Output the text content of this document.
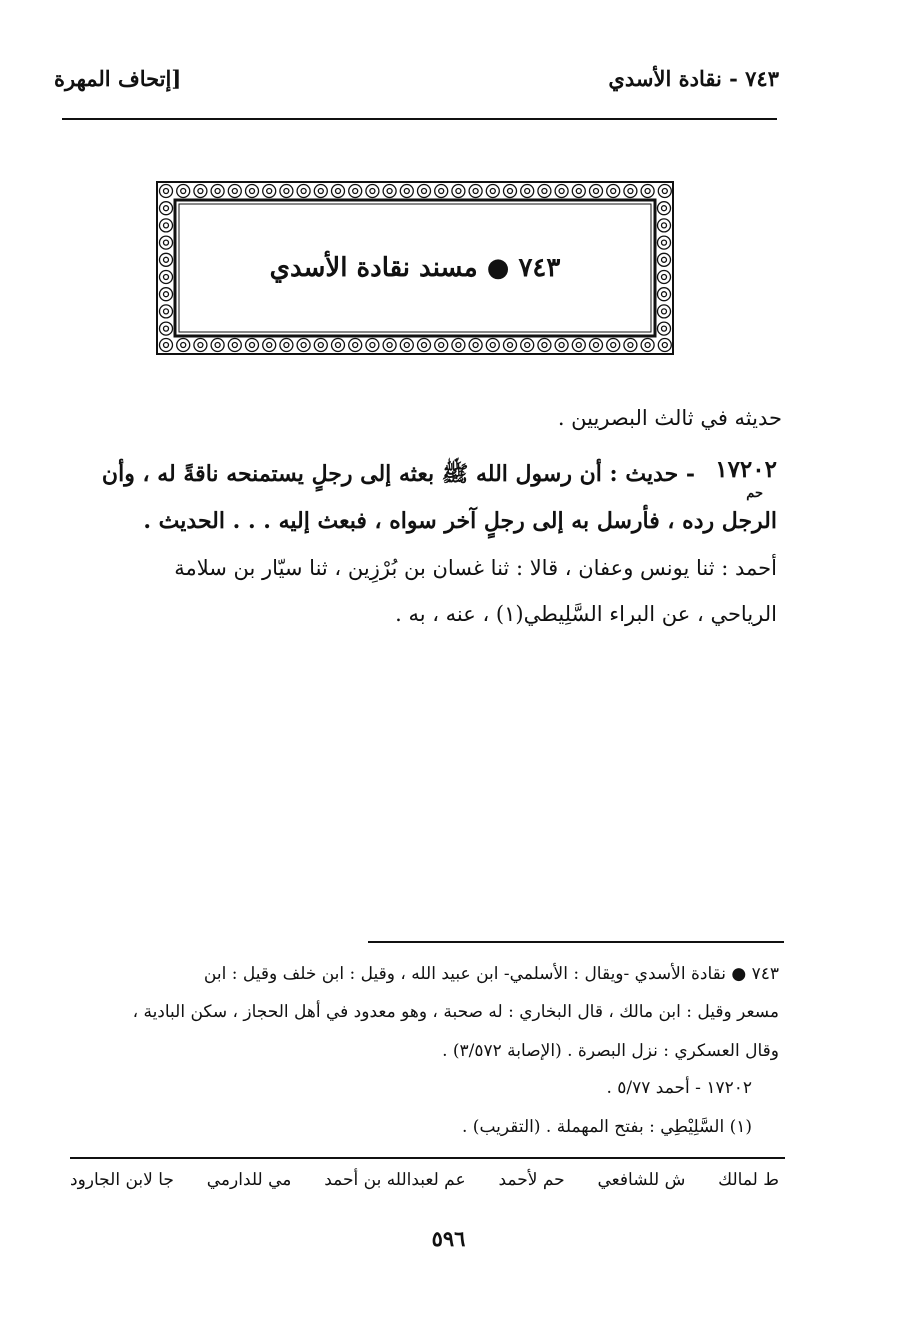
٧٤٣ - نقادة الأسدي
[إتحاف المهرة
٧٤٣ ● مسند نقادة الأسدي
حديثه في ثالث البصريين .
١٧٢٠٢
حم
- حديث : أن رسول الله ﷺ بعثه إلى رجلٍ يستمنحه ناقةً له ، وأن
الرجل رده ، فأرسل به إلى رجلٍ آخر سواه ، فبعث إليه . . . الحديث .
أحمد : ثنا يونس وعفان ، قالا : ثنا غسان بن بُرْزِين ، ثنا سيّار بن سلامة
الرياحي ، عن البراء السَّلِيطي(١) ، عنه ، به .
٧٤٣ ● نقادة الأسدي -ويقال : الأسلمي- ابن عبيد الله ، وقيل : ابن خلف وقيل : ابن
مسعر وقيل : ابن مالك ، قال البخاري : له صحبة ، وهو معدود في أهل الحجاز ، سكن البادية ،
وقال العسكري : نزل البصرة . (الإصابة ٣/٥٧٢) .
١٧٢٠٢ - أحمد ٥/٧٧ .
(١) السَّلِيْطِي : بفتح المهملة . (التقريب) .
ط لمالك
ش للشافعي
حم لأحمد
عم لعبدالله بن أحمد
مي للدارمي
جا لابن الجارود
٥٩٦
